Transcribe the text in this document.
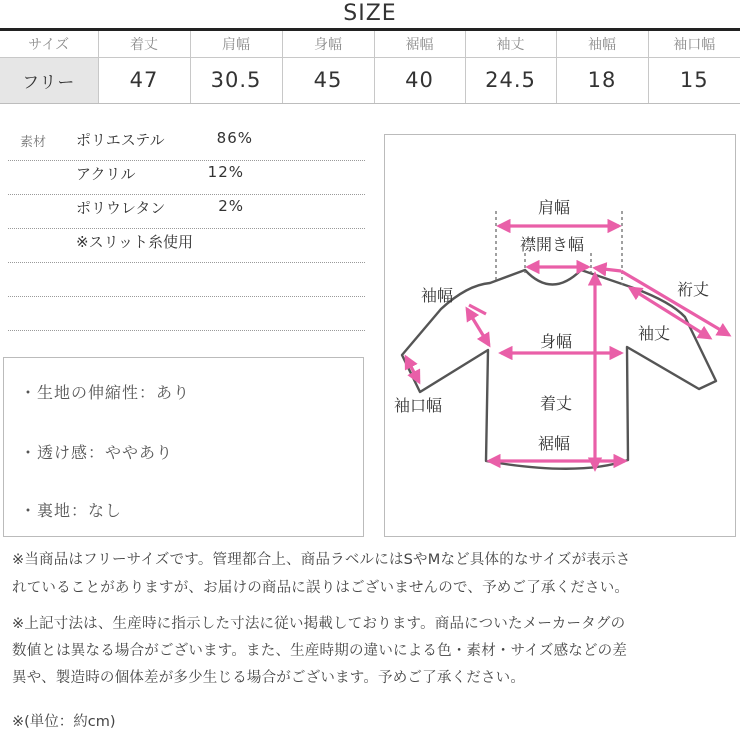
SIZE
サイズ	着丈	肩幅	身幅	裾幅	袖丈	袖幅	袖口幅
フリー	47	30.5	45	40	24.5	18	15
素材 ポリエステル	86%
アクリル	12%
ポリウレタン	2%
※スリット糸使用
・生地の伸縮性：あり
・透け感：ややあり
・裏地：なし
肩幅
襟開き幅
裄丈
袖幅
袖丈
身幅
袖口幅	着丈
裾幅
※当商品はフリーサイズです。管理都合上、商品ラベルにはSやMなど具体的なサイズが表示さ
れていることがありますが、お届けの商品に誤りはございませんので、予めご了承ください。
※上記寸法は、生産時に指示した寸法に従い掲載しております。商品についたメーカータグの
数値とは異なる場合がございます。また、生産時期の違いによる色・素材・サイズ感などの差
異や、製造時の個体差が多少生じる場合がございます。予めご了承ください。
※(単位：約cm)
